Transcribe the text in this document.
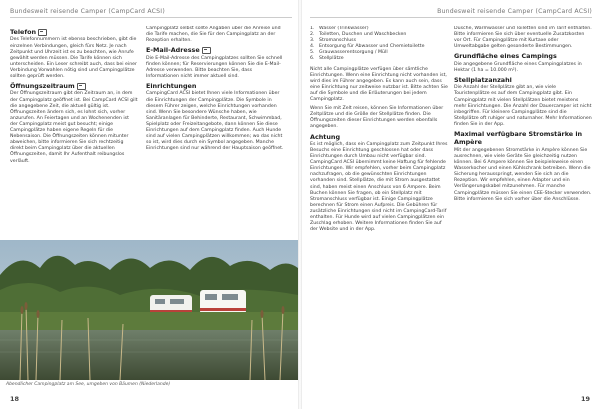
Bundesweit reisende Camper (CampCard ACSI)
Telefon

Des Telefonnummern ist ebenso beschrieben, gibt die einzelnen Verbindungen, gleich fürs Netz. Je nach Zeitpunkt und Uhrzeit ist es zu beachten, wie Anrufe gewählt werden müssen. Die Tarife können sich unterscheiden. Ein Leser schreibt auch, dass bei einer Verbindung Vorwahlen nötig sind und Campingplätze sollten geprüft werden.

Öffnungszeitraum

Der Öffnungszeitraum gibt den Zeitraum an, in dem der Campingplatz geöffnet ist. Bei CampCard ACSI gilt die angegebene Zeit, die aktuell gültig ist. Öffnungszeiten ändern sich, es lohnt sich, vorher anzurufen. An Feiertagen und an Wochenenden ist der Campingplatz meist gut besucht; einige Campingplätze haben eigene Regeln für die Nebensaison. Die Öffnungszeiten können mitunter abweichen, bitte informieren Sie sich rechtzeitig direkt beim Campingplatz über die aktuellen Öffnungszeiten, damit Ihr Aufenthalt reibungslos verläuft.

Campingplatz selbst sollte Angaben über die Anreise und die Tarife machen, die Sie für den Campingplatz an der Rezeption erhalten.

E-Mail-Adresse

Die E-Mail-Adresse des Campingplatzes sollten Sie schnell finden können; für Reservierungen können Sie die E-Mail-Adresse verwenden. Bitte beachten Sie, dass Informationen nicht immer aktuell sind.

Einrichtungen

CampingCard ACSI bietet Ihnen viele Informationen über die Einrichtungen der Campingplätze. Die Symbole in diesem Führer zeigen, welche Einrichtungen vorhanden sind. Wenn Sie besondere Wünsche haben, wie Sanitäranlagen für Behinderte, Restaurant, Schwimmbad, Spielplatz oder Freizeitangebote, dann können Sie diese Einrichtungen auf dem Campingplatz finden. Auch Hunde sind auf vielen Campingplätzen willkommen; wo das nicht so ist, wird dies durch ein Symbol angegeben. Manche Einrichtungen sind nur während der Hauptsaison geöffnet.

Abendlicher Campingplatz am See, umgeben von Bäumen (Niederlande)
18
Bundesweit reisende Camper (CampCard ACSI)
1. Wasser (Trinkwasser)
2. Toiletten, Duschen und Waschbecken
3. Stromanschluss
4. Entsorgung für Abwasser und Chemietoilette
5. Grauwasserentsorgung / Müll
6. Stellplätze

Nicht alle Campingplätze verfügen über sämtliche Einrichtungen. Wenn eine Einrichtung nicht vorhanden ist, wird dies im Führer angegeben. Es kann auch sein, dass eine Einrichtung nur zeitweise nutzbar ist. Bitte achten Sie auf die Symbole und die Erläuterungen bei jedem Campingplatz.

Wenn Sie mit Zelt reisen, können Sie Informationen über Zeltplätze und die Größe der Stellplätze finden. Die Öffnungszeiten dieser Einrichtungen werden ebenfalls angegeben.

Achtung

Es ist möglich, dass ein Campingplatz zum Zeitpunkt Ihres Besuchs eine Einrichtung geschlossen hat oder dass Einrichtungen durch Umbau nicht verfügbar sind. CampingCard ACSI übernimmt keine Haftung für fehlende Einrichtungen. Wir empfehlen, vorher beim Campingplatz nachzufragen, ob die gewünschten Einrichtungen vorhanden sind. Stellplätze, die mit Strom ausgestattet sind, haben meist einen Anschluss von 6 Ampere. Beim Buchen können Sie fragen, ob ein Stellplatz mit Stromanschluss verfügbar ist. Einige Campingplätze berechnen für Strom einen Aufpreis. Die Gebühren für zusätzliche Einrichtungen sind nicht im CampingCard-Tarif enthalten. Für Hunde wird auf vielen Campingplätzen ein Zuschlag erhoben. Weitere Informationen finden Sie auf der Website und in der App.

Dusche, Warmwasser und Toiletten sind im Tarif enthalten. Bitte informieren Sie sich über eventuelle Zusatzkosten vor Ort. Für Campingplätze mit Kurtaxe oder Umweltabgabe gelten gesonderte Bestimmungen.

Grundfläche eines Campings

Die angegebene Grundfläche eines Campingplatzes in Hektar (1 ha = 10.000 m²).

Stellplatzanzahl

Die Anzahl der Stellplätze gibt an, wie viele Touristenplätze es auf dem Campingplatz gibt. Ein Campingplatz mit vielen Stellplätzen bietet meistens mehr Einrichtungen. Die Anzahl der Dauercamper ist nicht inbegriffen. Für kleinere Campingplätze sind die Stellplätze oft ruhiger und naturnaher. Mehr Informationen finden Sie in der App.

Maximal verfügbare Stromstärke in Ampère

Mit der angegebenen Stromstärke in Ampère können Sie ausrechnen, wie viele Geräte Sie gleichzeitig nutzen können. Bei 6 Ampere können Sie beispielsweise einen Wasserkocher und einen Kühlschrank betreiben. Wenn die Sicherung herausspringt, wenden Sie sich an die Rezeption. Wir empfehlen, einen Adapter und ein Verlängerungskabel mitzunehmen. Für manche Campingplätze müssen Sie einen CEE-Stecker verwenden. Bitte informieren Sie sich vorher über die Anschlüsse.

19
